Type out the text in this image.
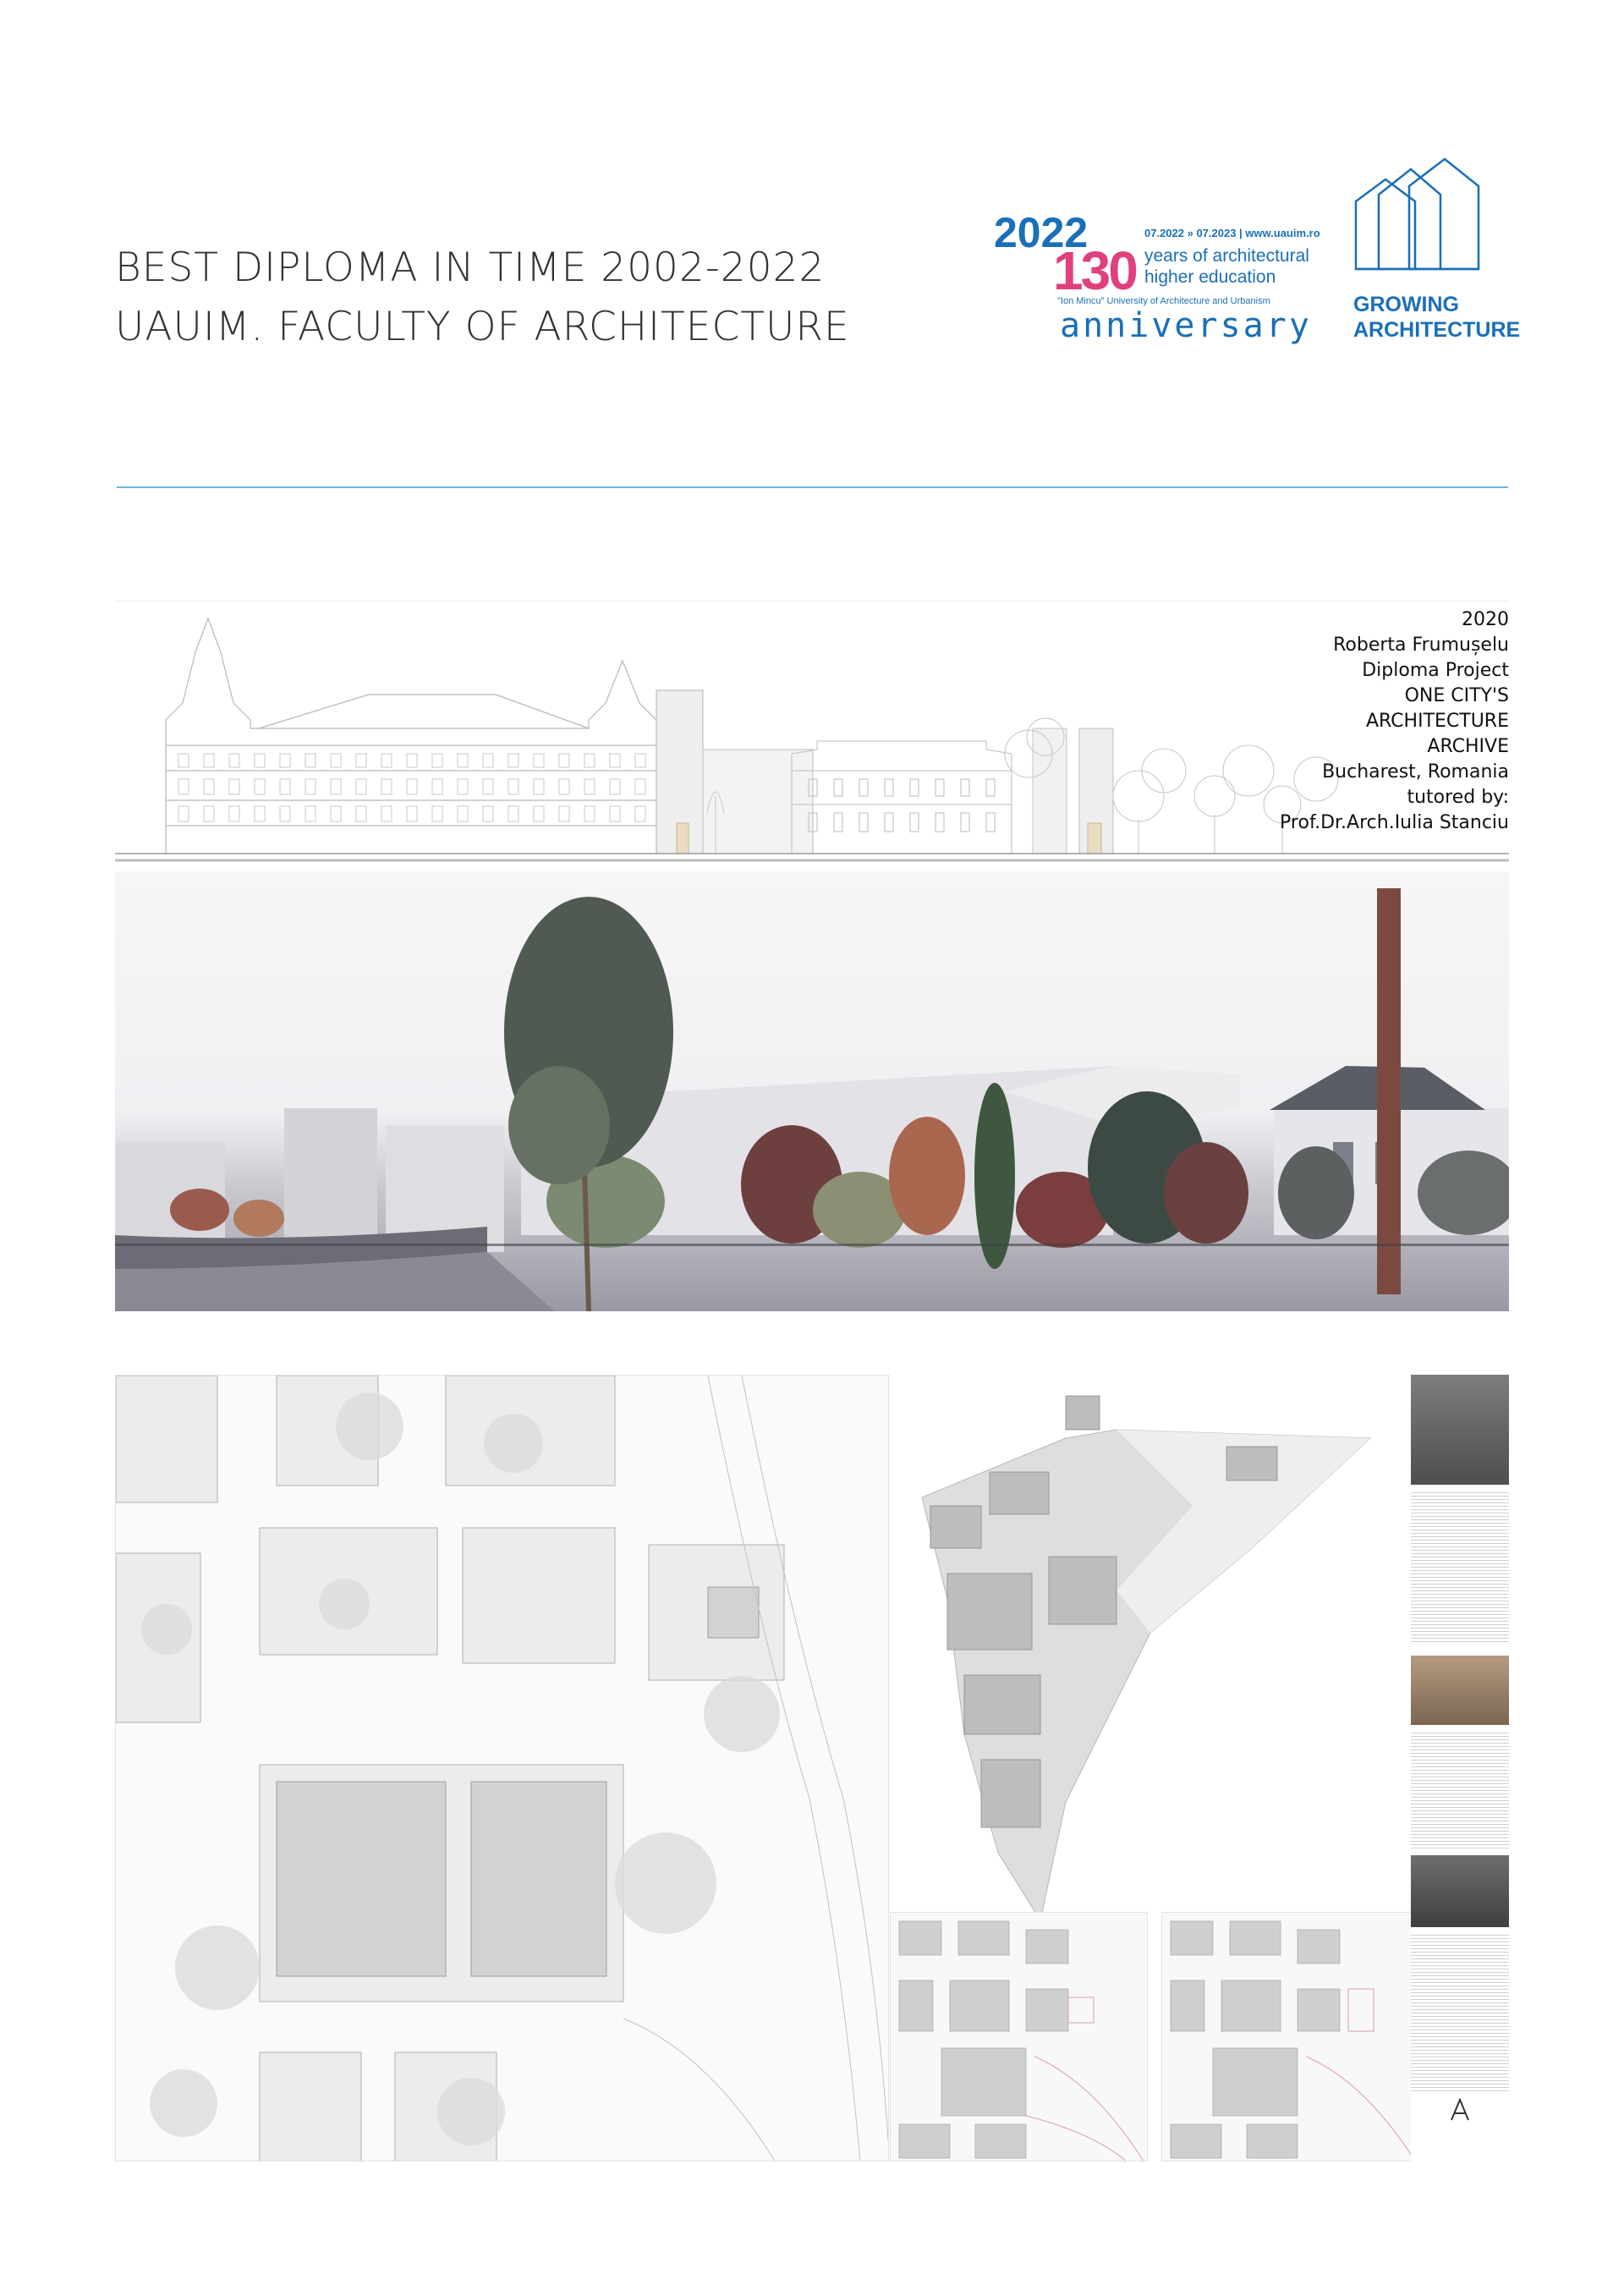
BEST DIPLOMA IN TIME 2002-2022
UAUIM. FACULTY OF ARCHITECTURE
2022
130
07.2022 » 07.2023 | www.uauim.ro
years of architectural
higher education
"Ion Mincu" University of Architecture and Urbanism
anniversary
GROWING
ARCHITECTURE
2020
Roberta Frumușelu
Diploma Project
ONE CITY'S
ARCHITECTURE
ARCHIVE
Bucharest, Romania
tutored by:
Prof.Dr.Arch.Iulia Stanciu
